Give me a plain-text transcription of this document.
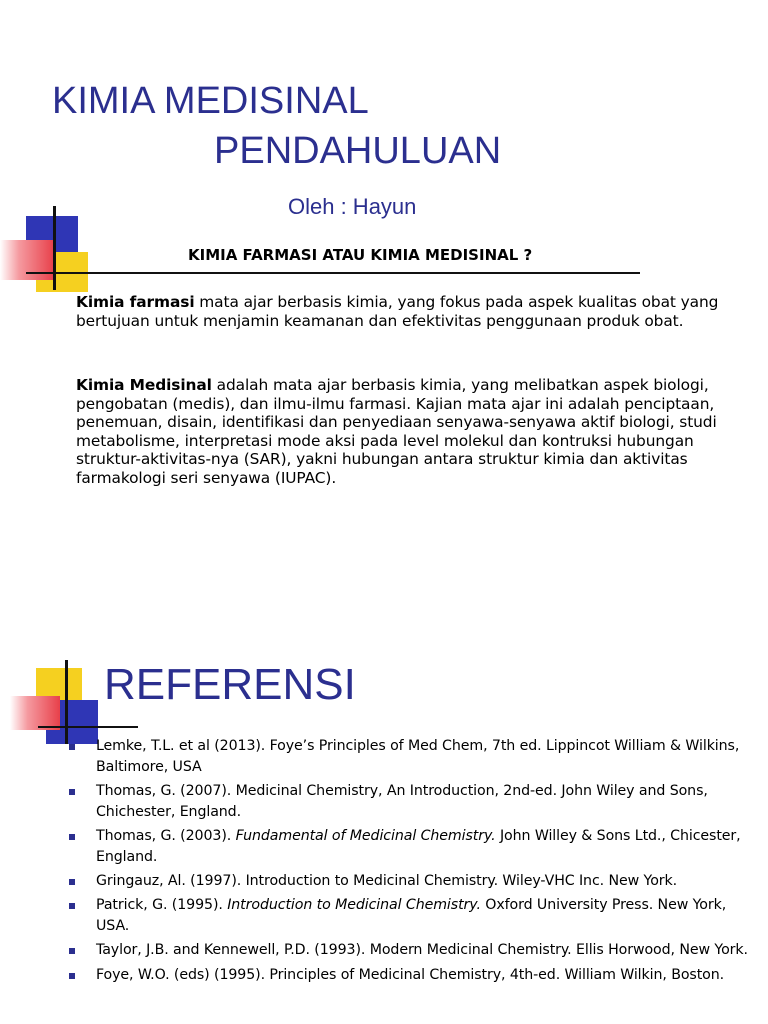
KIMIA MEDISINAL
PENDAHULUAN

Oleh : Hayun

KIMIA FARMASI ATAU KIMIA MEDISINAL ?

Kimia farmasi mata ajar berbasis kimia, yang fokus pada aspek kualitas obat yang bertujuan untuk menjamin keamanan dan efektivitas penggunaan produk obat.

Kimia Medisinal adalah mata ajar berbasis kimia, yang melibatkan aspek biologi, pengobatan (medis), dan ilmu-ilmu farmasi. Kajian mata ajar ini adalah penciptaan, penemuan, disain, identifikasi dan penyediaan senyawa-senyawa aktif biologi, studi metabolisme, interpretasi mode aksi pada level molekul dan kontruksi hubungan struktur-aktivitas-nya (SAR), yakni hubungan antara struktur kimia dan aktivitas farmakologi seri senyawa (IUPAC).

REFERENSI
Lemke, T.L. et al (2013). Foye’s Principles of Med Chem, 7th ed. Lippincot William & Wilkins, Baltimore, USA
Thomas, G. (2007). Medicinal Chemistry, An Introduction, 2nd-ed. John Wiley and Sons, Chichester, England.
Thomas, G. (2003). Fundamental of Medicinal Chemistry. John Willey & Sons Ltd., Chicester, England.
Gringauz, Al. (1997). Introduction to Medicinal Chemistry. Wiley-VHC Inc. New York.
Patrick, G. (1995). Introduction to Medicinal Chemistry. Oxford University Press. New York, USA.
Taylor, J.B. and Kennewell, P.D. (1993). Modern Medicinal Chemistry. Ellis Horwood, New York.
Foye, W.O. (eds) (1995). Principles of Medicinal Chemistry, 4th-ed. William Wilkin, Boston.
